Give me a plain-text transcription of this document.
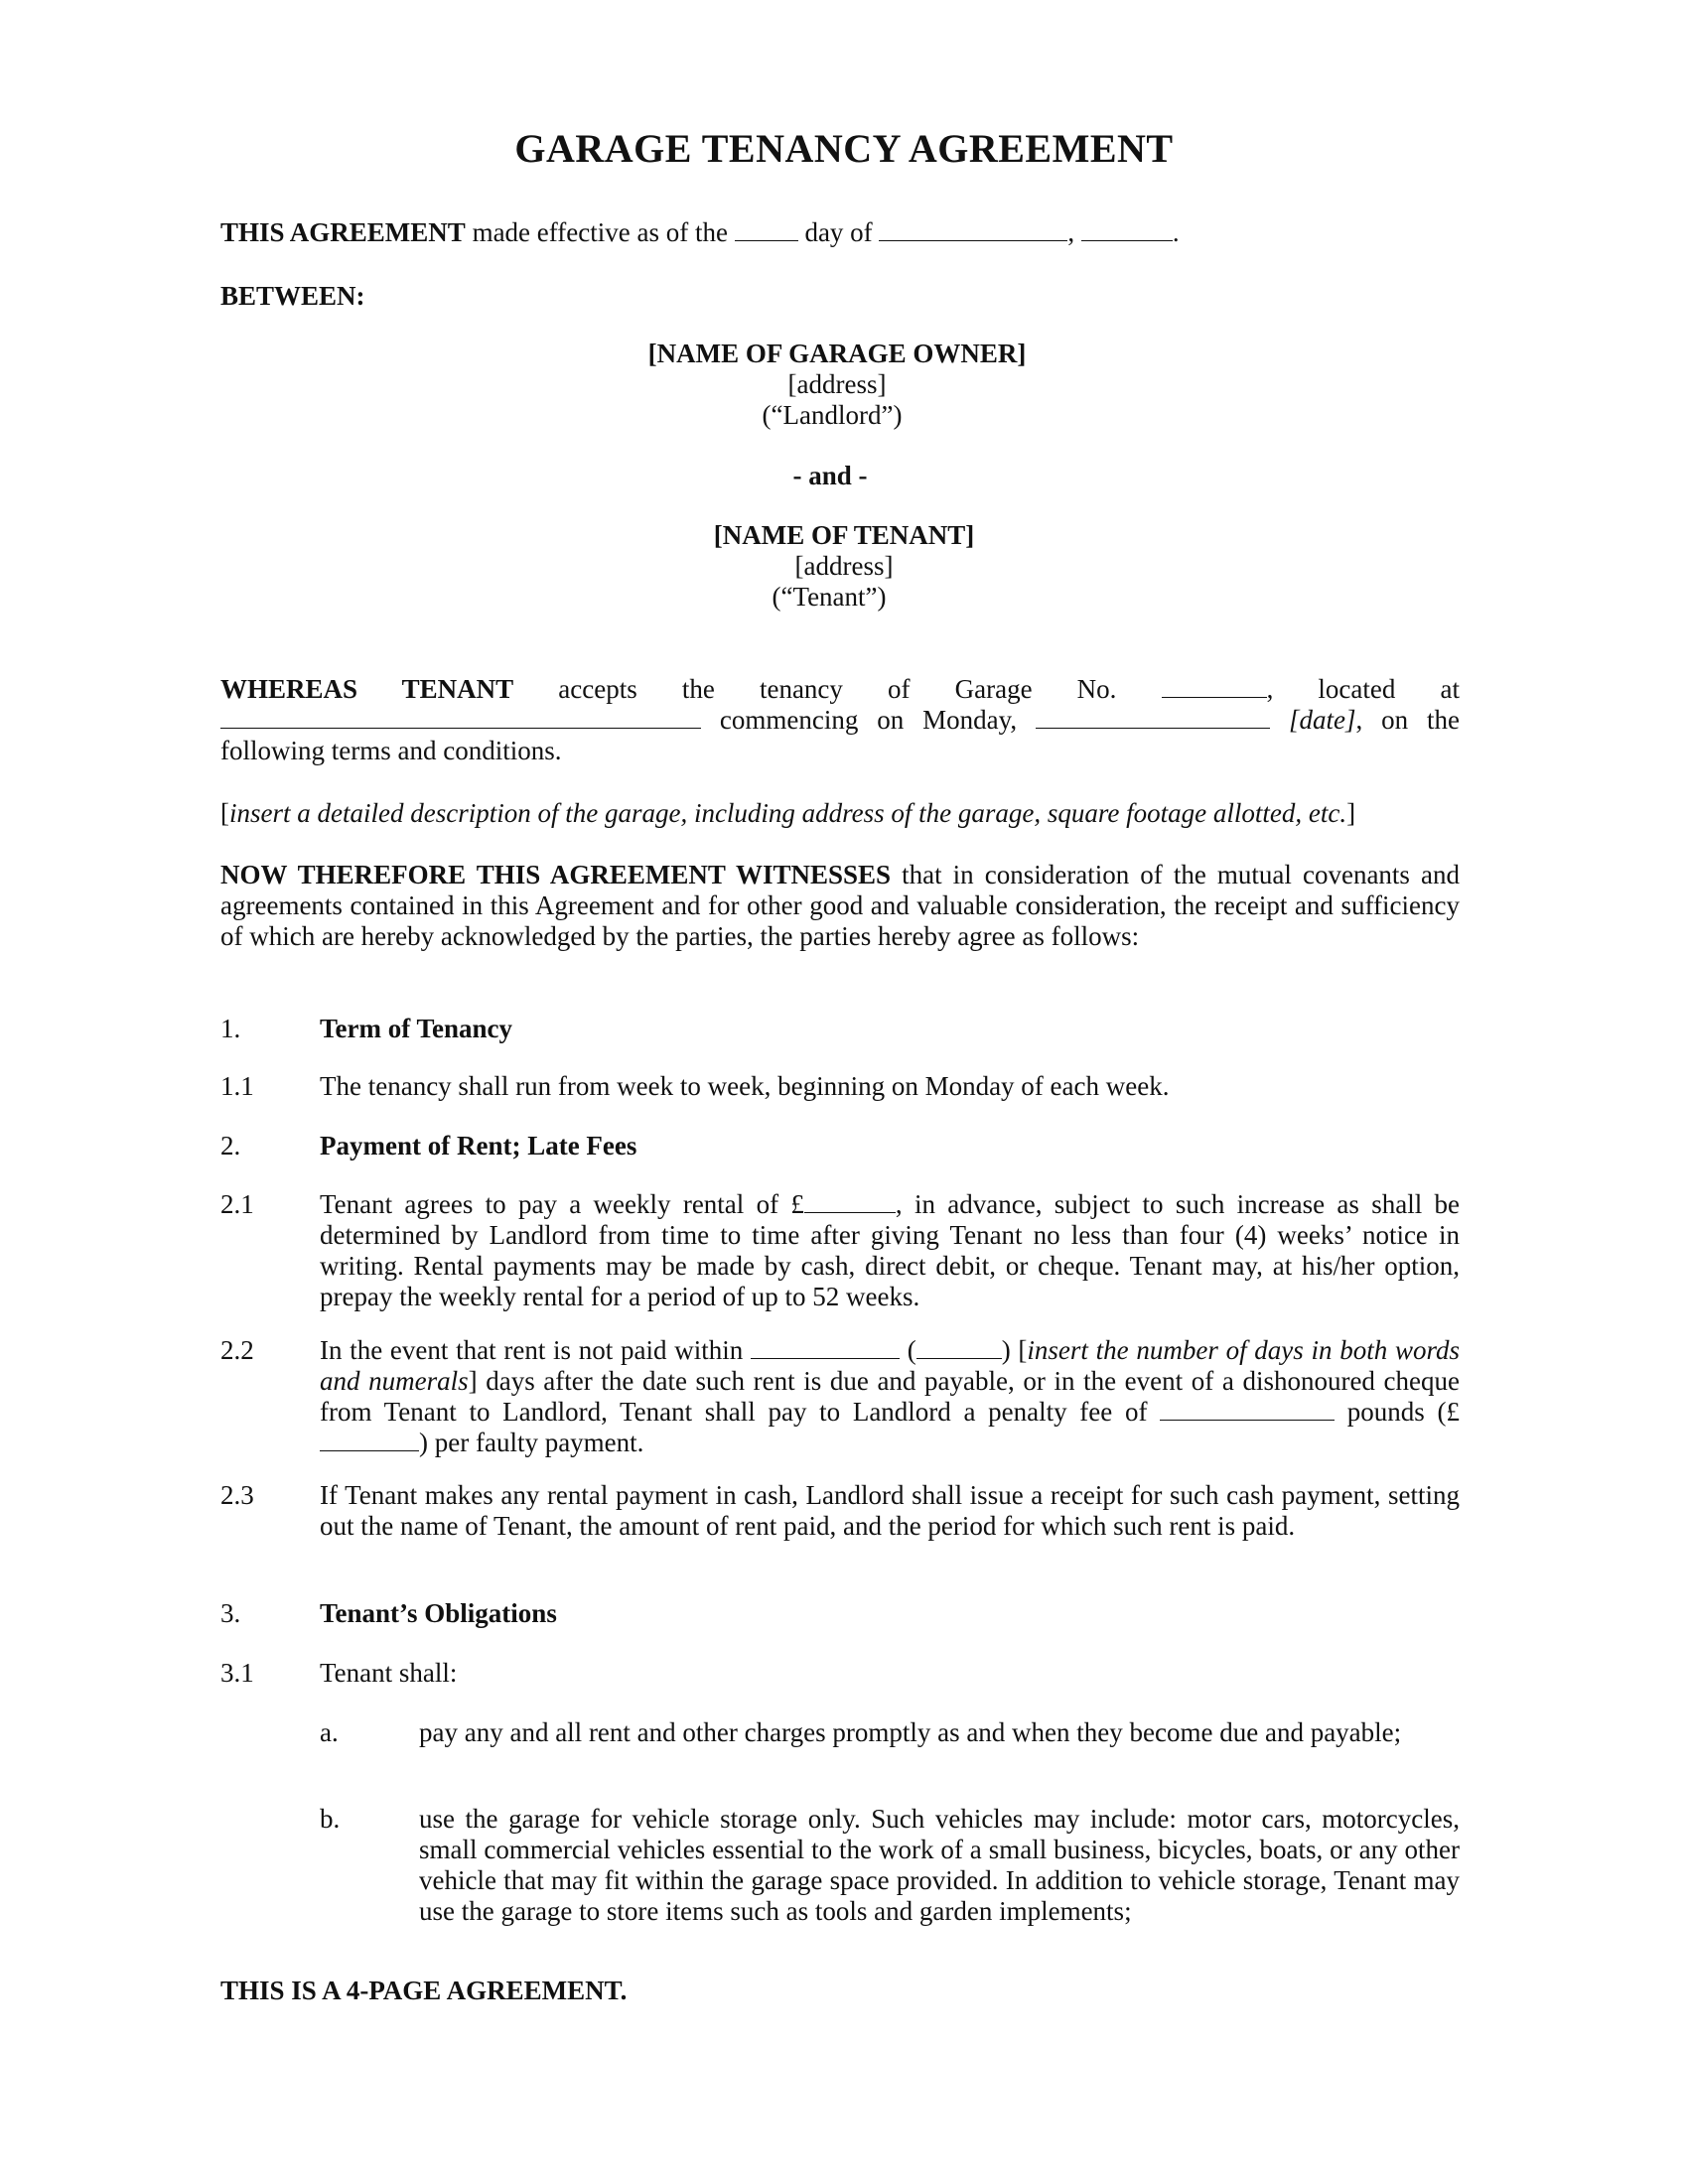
GARAGE TENANCY AGREEMENT

THIS AGREEMENT made effective as of the  day of	,	.

BETWEEN:

[NAME OF GARAGE OWNER]

[address]

(“Landlord”)

- and -

[NAME OF TENANT]

[address]

(“Tenant”)

WHEREAS TENANT accepts the tenancy of Garage No.	, located at  commencing on Monday,	[date], on the following terms and conditions.

[insert a detailed description of the garage, including address of the garage, square footage allotted, etc.]

NOW THEREFORE THIS AGREEMENT WITNESSES that in consideration of the mutual covenants and agreements contained in this Agreement and for other good and valuable consideration, the receipt and sufficiency of which are hereby acknowledged by the parties, the parties hereby agree as follows:

1.	Term of Tenancy

1.1 The tenancy shall run from week to week, beginning on Monday of each week.

2.	Payment of Rent; Late Fees

2.1 Tenant agrees to pay a weekly rental of £	, in advance, subject to such increase as shall be determined by Landlord from time to time after giving Tenant no less than four (4) weeks’ notice in writing. Rental payments may be made by cash, direct debit, or cheque. Tenant may, at his/her option, prepay the weekly rental for a period of up to 52 weeks.

2.2 In the event that rent is not paid within	(	) [insert the number of days in both words and numerals] days after the date such rent is due and payable, or in the event of a dishonoured cheque from Tenant to Landlord, Tenant shall pay to Landlord a penalty fee of	pounds (£) per faulty payment.

2.3 If Tenant makes any rental payment in cash, Landlord shall issue a receipt for such cash payment, setting out the name of Tenant, the amount of rent paid, and the period for which such rent is paid.

3.	Tenant’s Obligations

3.1 Tenant shall:

a.	pay any and all rent and other charges promptly as and when they become due and payable;

b.	use the garage for vehicle storage only. Such vehicles may include: motor cars, motorcycles, small commercial vehicles essential to the work of a small business, bicycles, boats, or any other vehicle that may fit within the garage space provided. In addition to vehicle storage, Tenant may use the garage to store items such as tools and garden implements;

THIS IS A 4-PAGE AGREEMENT.
